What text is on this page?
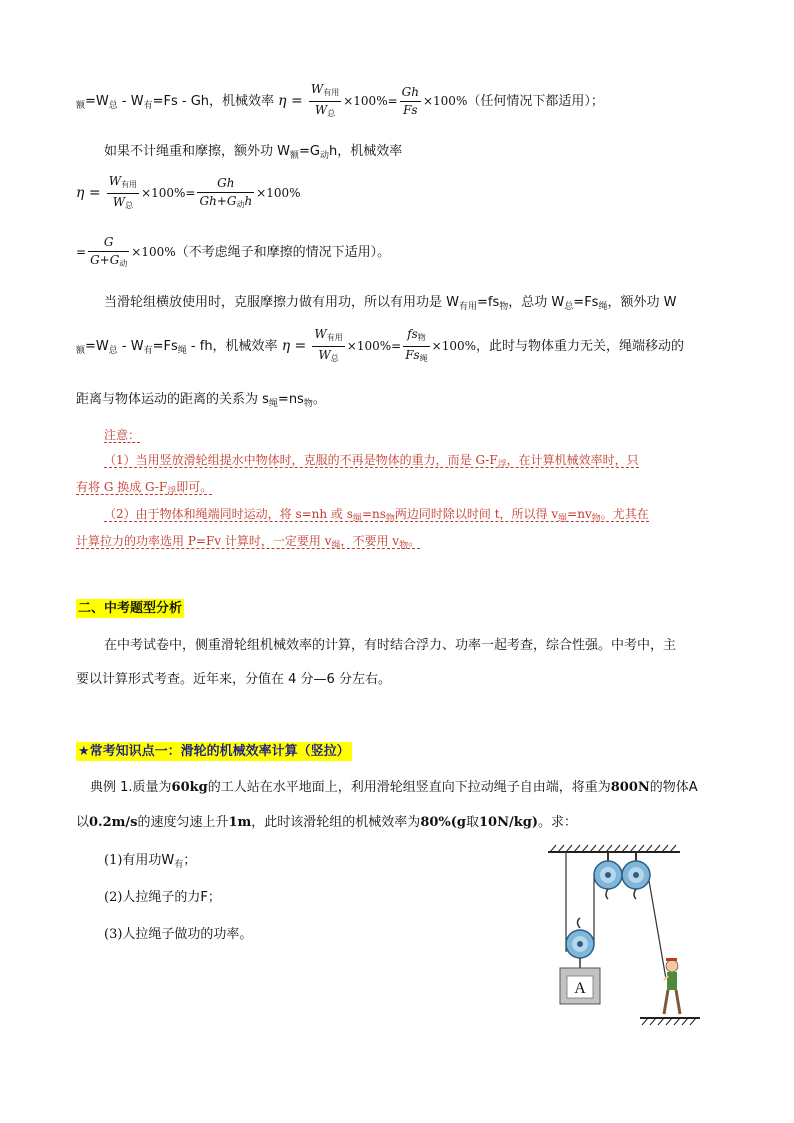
$_额=W_总 - W_有=Fs - Gh$，机械效率 $\eta = \frac{W_{有用}}{W_总} \times 100\%= \frac{Gh}{Fs} \times 100\%$（任何情况下都适用）；
如果不计绳重和摩擦，额外功 $W_额=G_动h$，机械效率
$\eta = \frac{W_{有用}}{W_总} \times 100\%= \frac{Gh}{Gh+G_动h} \times 100\%$
= $\frac{G}{G+G_动} \times 100\%$（不考虑绳子和摩擦的情况下适用）。
当滑轮组横放使用时，克服摩擦力做有用功，所以有用功是 $W_{有用}=fs_物$，总功 $W_总=Fs_绳$，额外功 W
$_额=W_总 - W_有=Fs_绳$ - fh，机械效率 $\eta = \frac{W_{有用}}{W_总} \times 100\%= \frac{fs_物}{Fs_绳} \times 100\%$，此时与物体重力无关，绳端移动的
距离与物体运动的距离的关系为 $s_绳=ns_物$。
注意：
（1）当用竖放滑轮组提水中物体时，克服的不再是物体的重力，而是 $G-F_浮$，在计算机械效率时，只
有将 G 换成 $G-F_浮$即可。
（2）由于物体和绳端同时运动，将 s=nh 或 $s_绳=ns_物$两边同时除以时间 t，所以得 $v_绳=nv_物$。尤其在
计算拉力的功率选用 P=Fv 计算时，一定要用 $v_绳$，不要用 $v_物$。
二、中考题型分析
在中考试卷中，侧重滑轮组机械效率的计算，有时结合浮力、功率一起考查，综合性强。中考中，主
要以计算形式考查。近年来，分值在 4 分—6 分左右。
★常考知识点一：滑轮的机械效率计算（竖拉）
典例 1.质量为60kg的工人站在水平地面上，利用滑轮组竖直向下拉动绳子自由端，将重为800N的物体A
以0.2m/s的速度匀速上升1m，此时该滑轮组的机械效率为80%(g取10N/kg)。求：
(1)有用功$W_有$；
(2)人拉绳子的力F；
(3)人拉绳子做功的功率。
A
